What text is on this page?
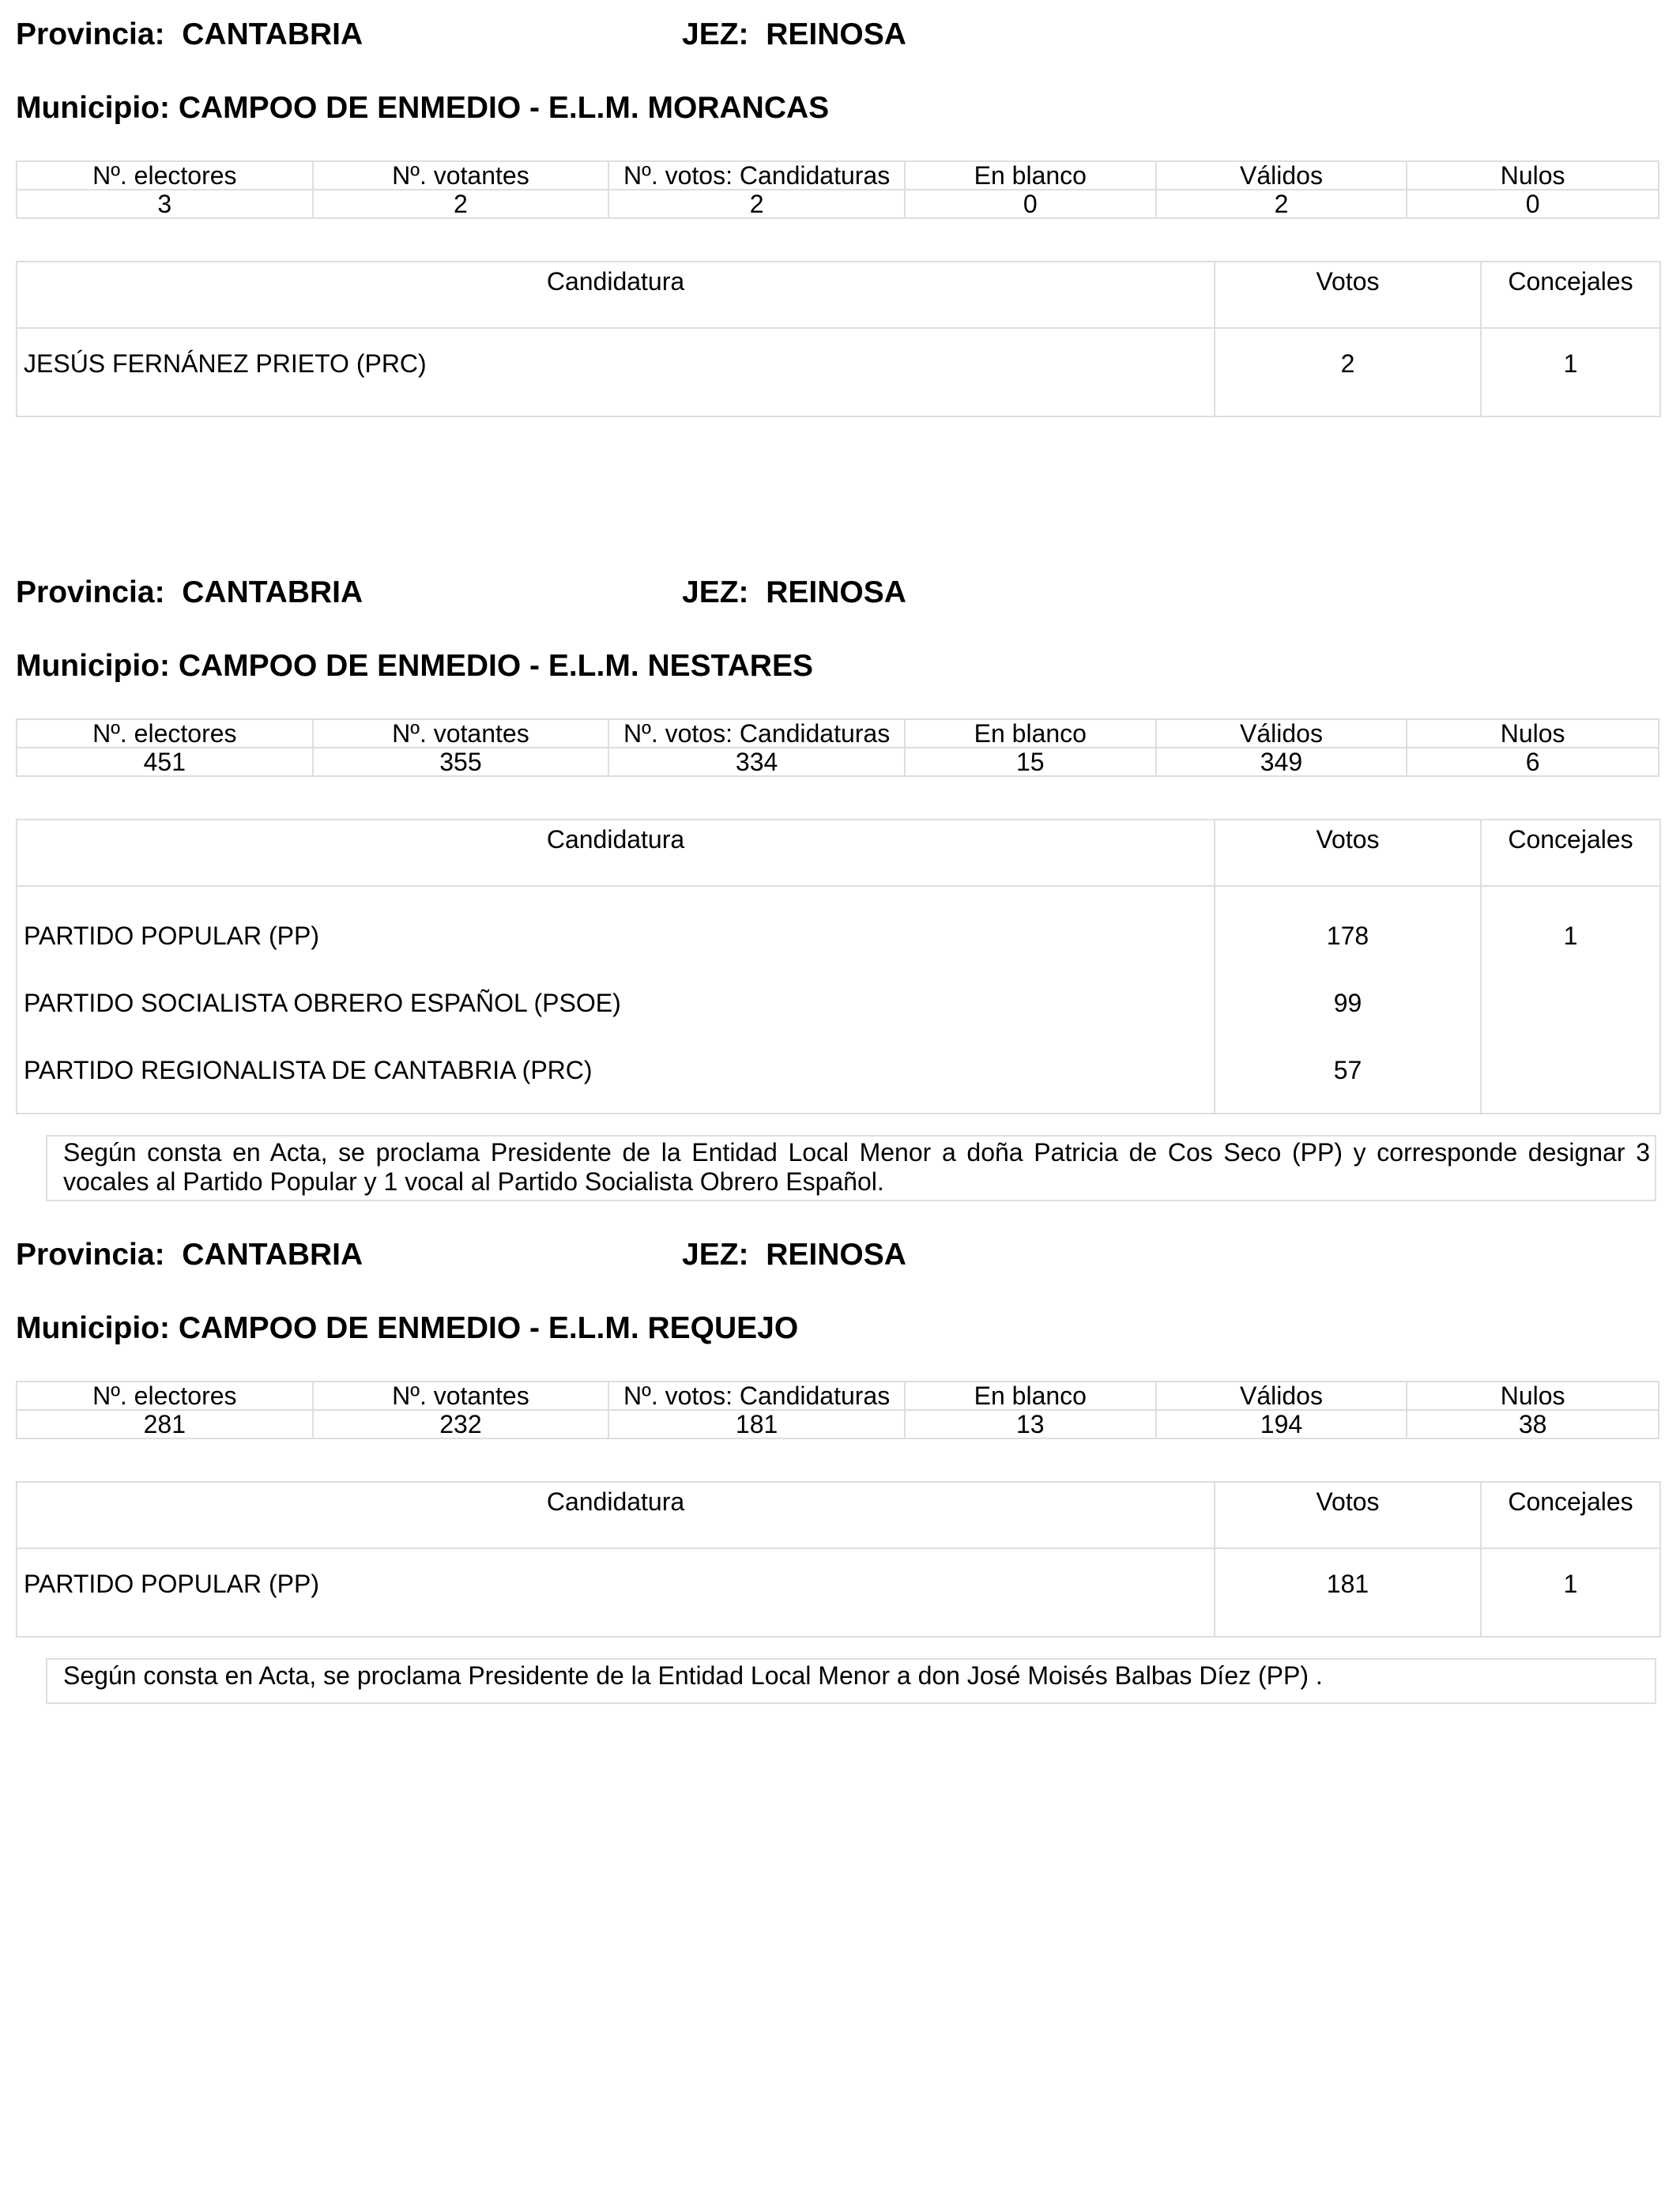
Provincia: CANTABRIA	JEZ: REINOSA
Municipio: CAMPOO DE ENMEDIO - E.L.M. MORANCAS
Nº. electores	Nº. votantes	Nº. votos: Candidaturas	En blanco	Válidos	Nulos
3	2	2	0	2	0
Candidatura	Votos	Concejales
JESÚS FERNÁNEZ PRIETO (PRC)	2	1
Provincia: CANTABRIA	JEZ: REINOSA
Municipio: CAMPOO DE ENMEDIO - E.L.M. NESTARES
Nº. electores	Nº. votantes	Nº. votos: Candidaturas	En blanco	Válidos	Nulos
451	355	334	15	349	6
Candidatura	Votos	Concejales
PARTIDO POPULAR (PP)	178	1
PARTIDO SOCIALISTA OBRERO ESPAÑOL (PSOE)	99	
PARTIDO REGIONALISTA DE CANTABRIA (PRC)	57	
Según consta en Acta, se proclama Presidente de la Entidad Local Menor a doña Patricia de Cos Seco (PP) y corresponde designar 3 vocales al Partido Popular y 1 vocal al Partido Socialista Obrero Español.
Provincia: CANTABRIA	JEZ: REINOSA
Municipio: CAMPOO DE ENMEDIO - E.L.M. REQUEJO
Nº. electores	Nº. votantes	Nº. votos: Candidaturas	En blanco	Válidos	Nulos
281	232	181	13	194	38
Candidatura	Votos	Concejales
PARTIDO POPULAR (PP)	181	1
Según consta en Acta, se proclama Presidente de la Entidad Local Menor a don José Moisés Balbas Díez (PP) .
